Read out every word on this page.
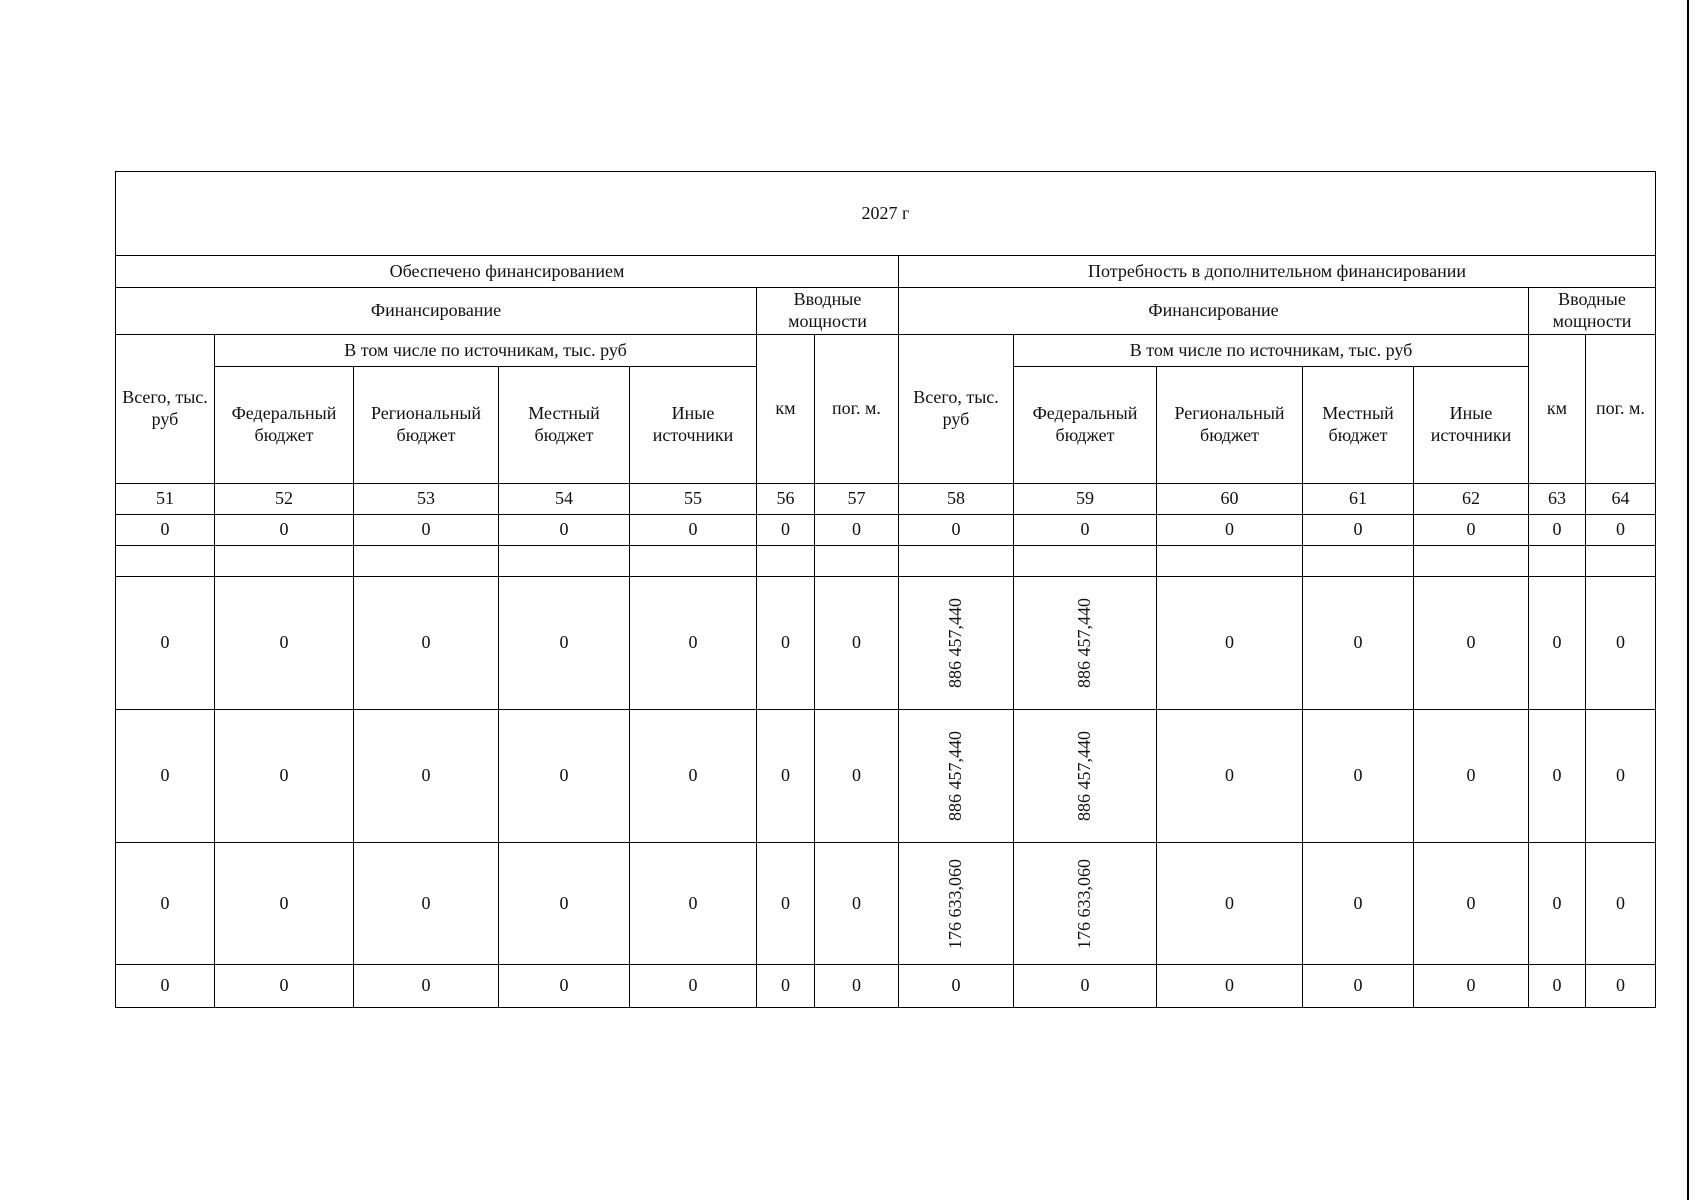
2027 г													
Обеспечено финансированием							Потребность в дополнительном финансировании						
Финансирование					Вводные мощности		Финансирование					Вводные мощности	
Всего, тыс. руб	В том числе по источникам, тыс. руб				км	пог. м.	Всего, тыс. руб	В том числе по источникам, тыс. руб				км	пог. м.
	Федеральный бюджет	Региональный бюджет	Местный бюджет	Иные источники				Федеральный бюджет	Региональный бюджет	Местный бюджет	Иные источники		
51	52	53	54	55	56	57	58	59	60	61	62	63	64
0	0	0	0	0	0	0	0	0	0	0	0	0	0

0	0	0	0	0	0	0	886 457,440	886 457,440	0	0	0	0	0
0	0	0	0	0	0	0	886 457,440	886 457,440	0	0	0	0	0
0	0	0	0	0	0	0	176 633,060	176 633,060	0	0	0	0	0
0	0	0	0	0	0	0	0	0	0	0	0	0	0
